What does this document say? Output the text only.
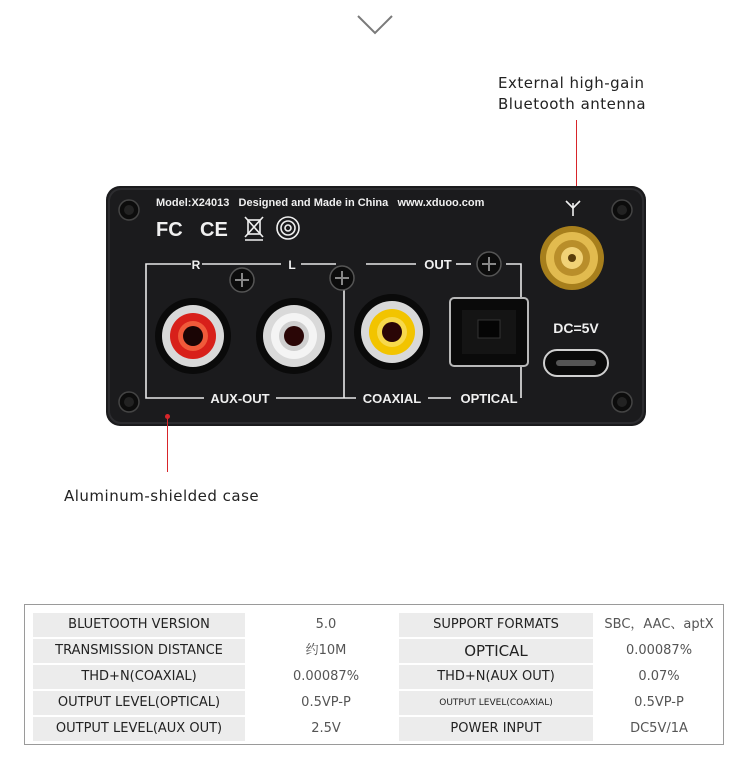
External high-gain
Bluetooth antenna
Model:X24013   Designed and Made in China   www.xduoo.com
FC CE
R	L	OUT
AUX-OUT	COAXIAL	OPTICAL
DC=5V
Aluminum-shielded case
BLUETOOTH VERSION	5.0	SUPPORT FORMATS	SBC，AAC、aptX
TRANSMISSION DISTANCE	约10M	OPTICAL	0.00087%
THD+N(COAXIAL)	0.00087%	THD+N(AUX OUT)	0.07%
OUTPUT LEVEL(OPTICAL)	0.5VP-P	OUTPUT LEVEL(COAXIAL)	0.5VP-P
OUTPUT LEVEL(AUX OUT)	2.5V	POWER INPUT	DC5V/1A
